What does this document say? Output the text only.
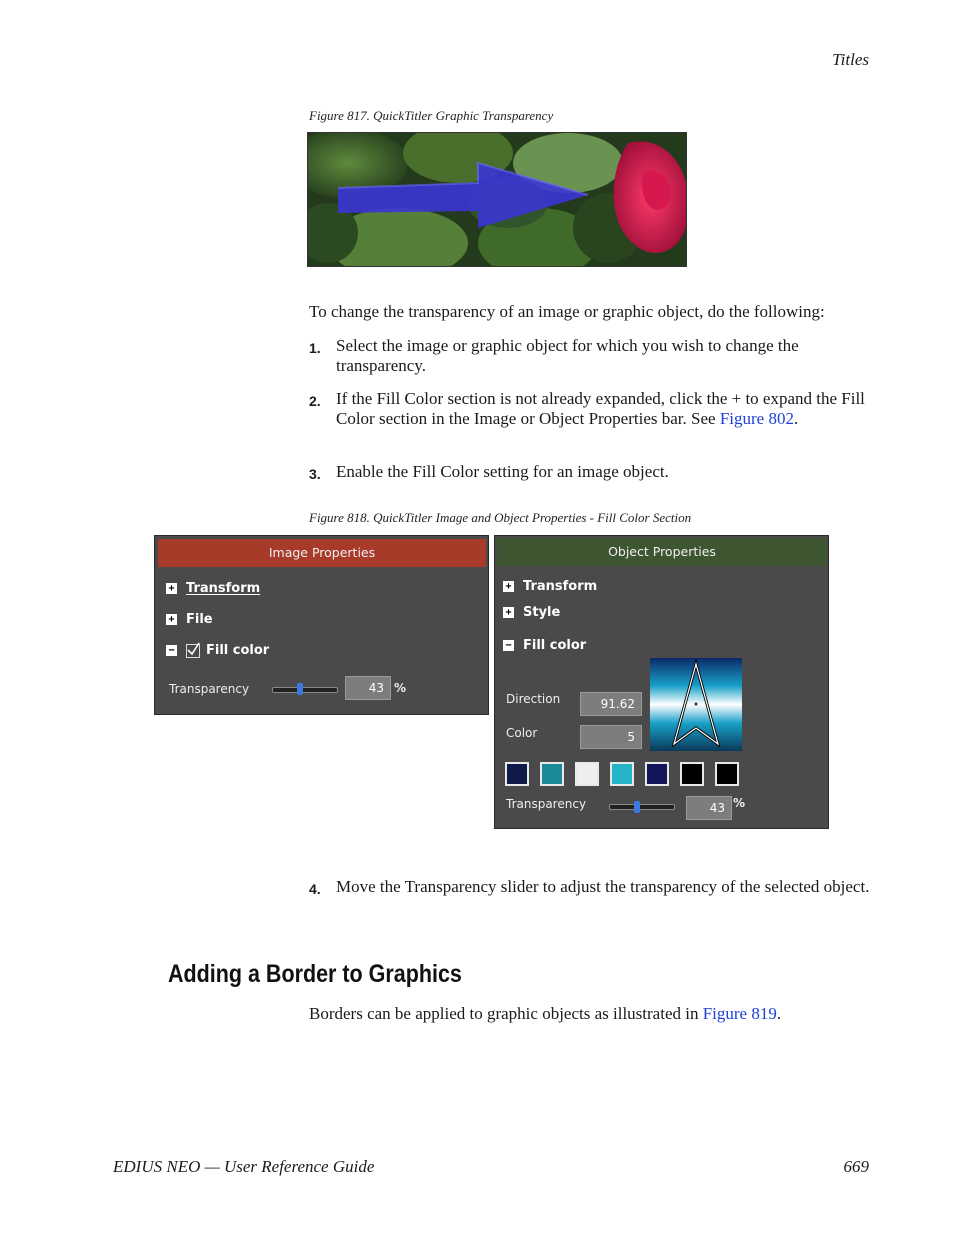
Titles
Figure 817. QuickTitler Graphic Transparency
To change the transparency of an image or graphic object, do the following:
1. Select the image or graphic object for which you wish to change the transparency.
2. If the Fill Color section is not already expanded, click the + to expand the Fill Color section in the Image or Object Properties bar. See Figure 802.
3. Enable the Fill Color setting for an image object.
Figure 818. QuickTitler Image and Object Properties - Fill Color Section
Image Properties
+ Transform
+ File
− Fill color
Transparency	43 %
Object Properties
+ Transform
+ Style
− Fill color
Direction	91.62
Color	5
Transparency	43 %
4. Move the Transparency slider to adjust the transparency of the selected object.
Adding a Border to Graphics
Borders can be applied to graphic objects as illustrated in Figure 819.
EDIUS NEO — User Reference Guide	669
